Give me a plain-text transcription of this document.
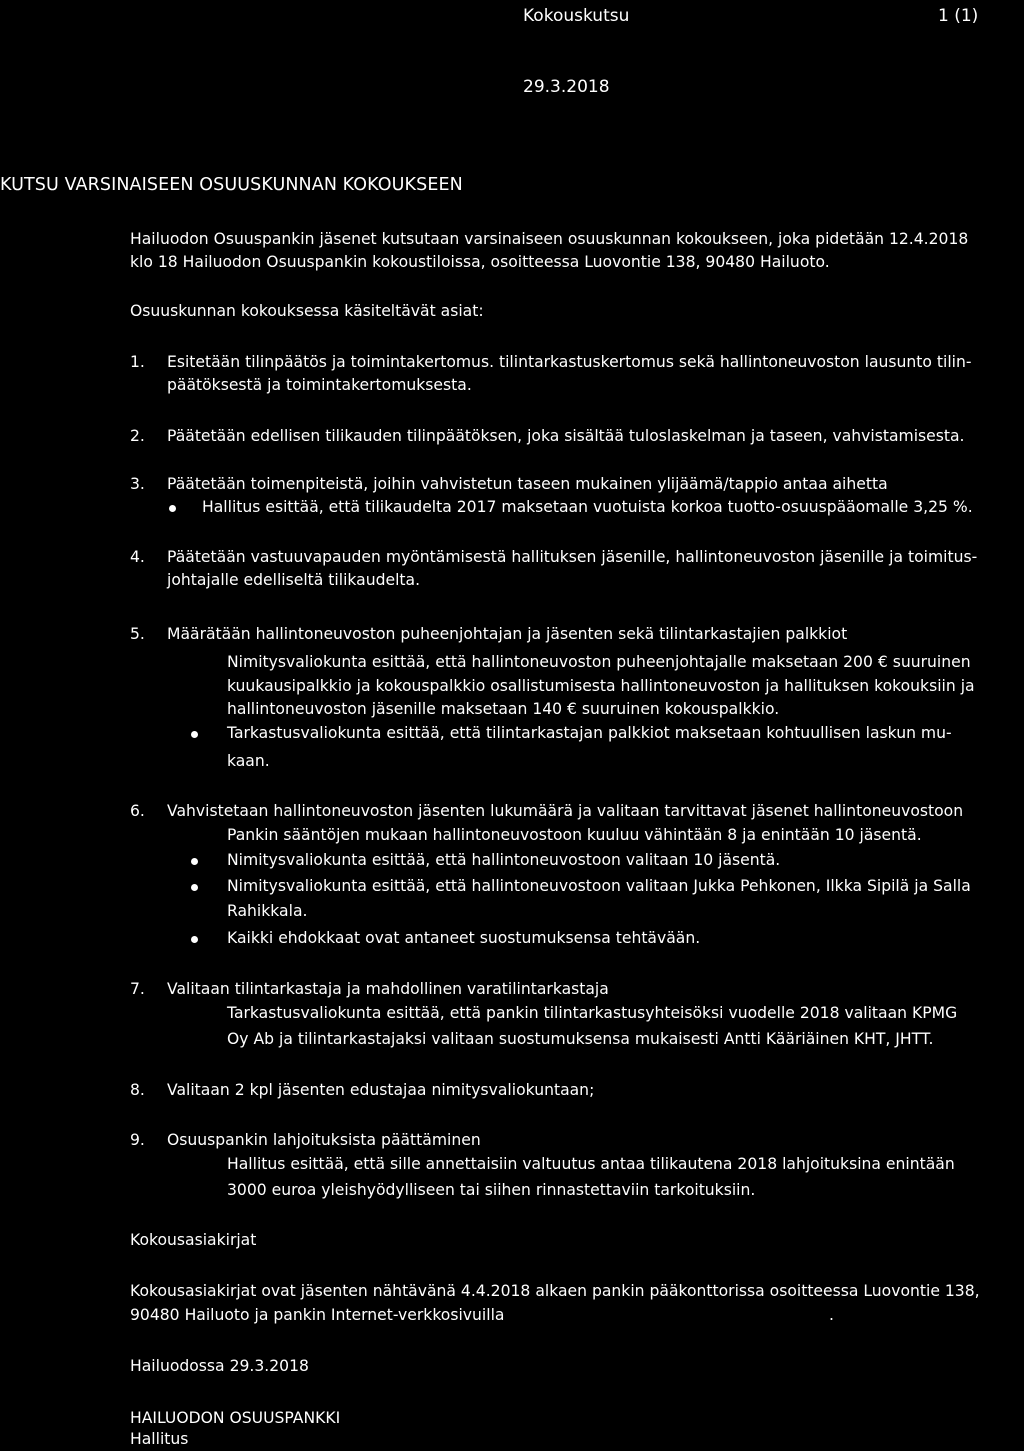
Kokouskutsu	1 (1)
29.3.2018
KUTSU VARSINAISEEN OSUUSKUNNAN KOKOUKSEEN
Hailuodon Osuuspankin jäsenet kutsutaan varsinaiseen osuuskunnan kokoukseen, joka pidetään 12.4.2018
klo 18 Hailuodon Osuuspankin kokoustiloissa, osoitteessa Luovontie 138, 90480 Hailuoto.
Osuuskunnan kokouksessa käsiteltävät asiat:
1. Esitetään tilinpäätös ja toimintakertomus. tilintarkastuskertomus sekä hallintoneuvoston lausunto tilin-
päätöksestä ja toimintakertomuksesta.
2. Päätetään edellisen tilikauden tilinpäätöksen, joka sisältää tuloslaskelman ja taseen, vahvistamisesta.
3. Päätetään toimenpiteistä, joihin vahvistetun taseen mukainen ylijäämä/tappio antaa aihetta
Hallitus esittää, että tilikaudelta 2017 maksetaan vuotuista korkoa tuotto-osuuspääomalle 3,25 %.
4. Päätetään vastuuvapauden myöntämisestä hallituksen jäsenille, hallintoneuvoston jäsenille ja toimitus-
johtajalle edelliseltä tilikaudelta.
5. Määrätään hallintoneuvoston puheenjohtajan ja jäsenten sekä tilintarkastajien palkkiot
Nimitysvaliokunta esittää, että hallintoneuvoston puheenjohtajalle maksetaan 200 € suuruinen
kuukausipalkkio ja kokouspalkkio osallistumisesta hallintoneuvoston ja hallituksen kokouksiin ja
hallintoneuvoston jäsenille maksetaan 140 € suuruinen kokouspalkkio.
Tarkastusvaliokunta esittää, että tilintarkastajan palkkiot maksetaan kohtuullisen laskun mu-
kaan.
6. Vahvistetaan hallintoneuvoston jäsenten lukumäärä ja valitaan tarvittavat jäsenet hallintoneuvostoon
Pankin sääntöjen mukaan hallintoneuvostoon kuuluu vähintään 8 ja enintään 10 jäsentä.
Nimitysvaliokunta esittää, että hallintoneuvostoon valitaan 10 jäsentä.
Nimitysvaliokunta esittää, että hallintoneuvostoon valitaan Jukka Pehkonen, Ilkka Sipilä ja Salla
Rahikkala.
Kaikki ehdokkaat ovat antaneet suostumuksensa tehtävään.
7. Valitaan tilintarkastaja ja mahdollinen varatilintarkastaja
Tarkastusvaliokunta esittää, että pankin tilintarkastusyhteisöksi vuodelle 2018 valitaan KPMG
Oy Ab ja tilintarkastajaksi valitaan suostumuksensa mukaisesti Antti Kääriäinen KHT, JHTT.
8. Valitaan 2 kpl jäsenten edustajaa nimitysvaliokuntaan;
9. Osuuspankin lahjoituksista päättäminen
Hallitus esittää, että sille annettaisiin valtuutus antaa tilikautena 2018 lahjoituksina enintään
3000 euroa yleishyödylliseen tai siihen rinnastettaviin tarkoituksiin.
Kokousasiakirjat
Kokousasiakirjat ovat jäsenten nähtävänä 4.4.2018 alkaen pankin pääkonttorissa osoitteessa Luovontie 138,
90480 Hailuoto ja pankin Internet-verkkosivuilla	.
Hailuodossa 29.3.2018
HAILUODON OSUUSPANKKI
Hallitus
